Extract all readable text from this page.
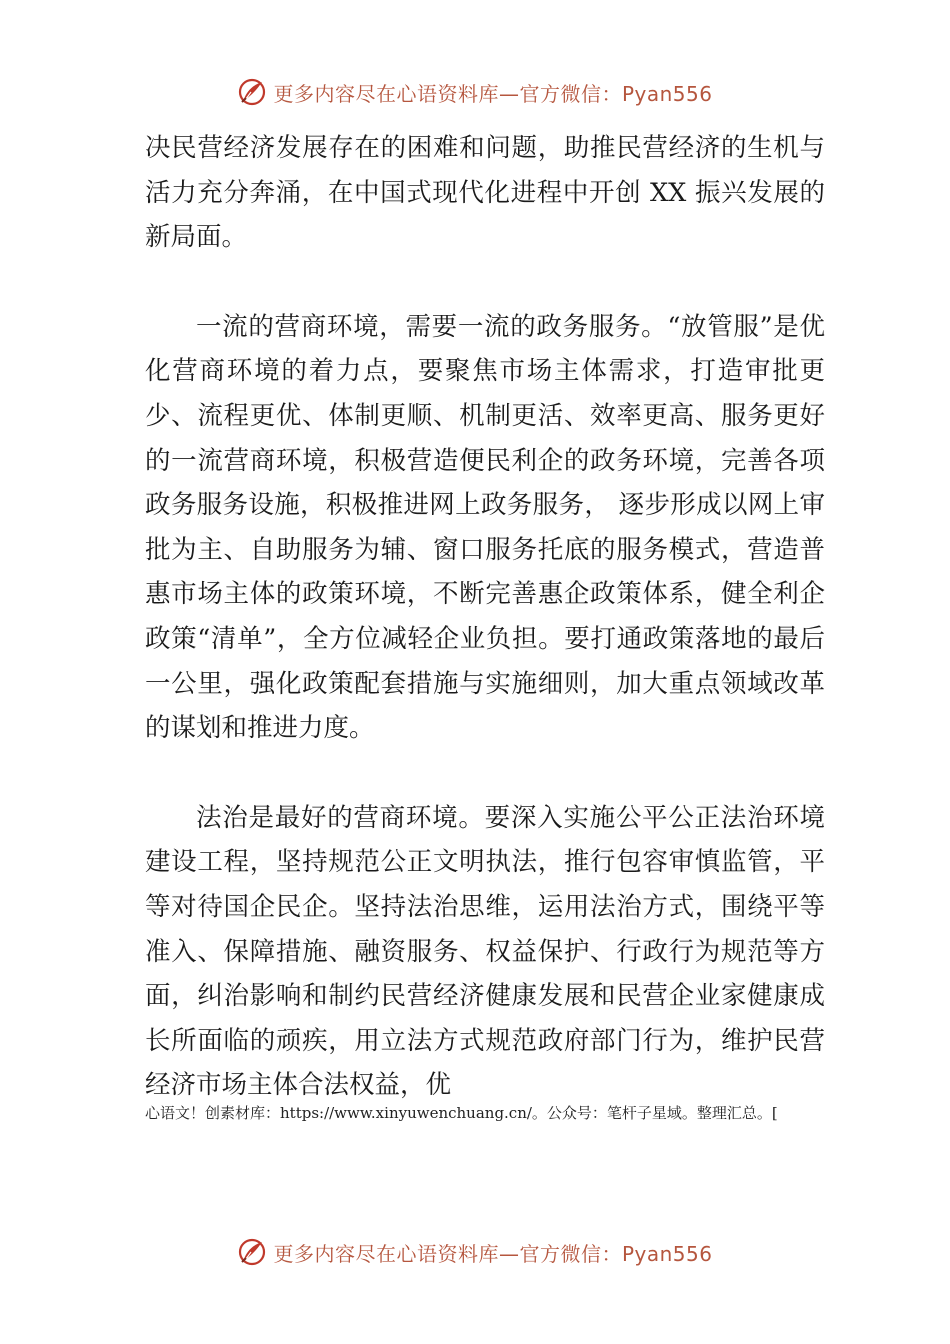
更多内容尽在心语资料库—官方微信：Pyan556

决民营经济发展存在的困难和问题，助推民营经济的生机与活力充分奔涌，在中国式现代化进程中开创 XX 振兴发展的新局面。

一流的营商环境，需要一流的政务服务。“放管服”是优化营商环境的着力点，要聚焦市场主体需求，打造审批更少、流程更优、体制更顺、机制更活、效率更高、服务更好的一流营商环境，积极营造便民利企的政务环境，完善各项政务服务设施，积极推进网上政务服务， 逐步形成以网上审批为主、自助服务为辅、窗口服务托底的服务模式，营造普惠市场主体的政策环境，不断完善惠企政策体系，健全利企政策“清单”，全方位减轻企业负担。要打通政策落地的最后一公里，强化政策配套措施与实施细则，加大重点领域改革的谋划和推进力度。

法治是最好的营商环境。要深入实施公平公正法治环境建设工程，坚持规范公正文明执法，推行包容审慎监管，平等对待国企民企。坚持法治思维，运用法治方式，围绕平等准入、保障措施、融资服务、权益保护、行政行为规范等方面，纠治影响和制约民营经济健康发展和民营企业家健康成长所面临的顽疾，用立法方式规范政府部门行为，维护民营经济市场主体合法权益，优

心语文！创素材库：https://www.xinyuwenchuang.cn/。公众号：笔杆子星域。整理汇总。[
更多内容尽在心语资料库—官方微信：Pyan556
